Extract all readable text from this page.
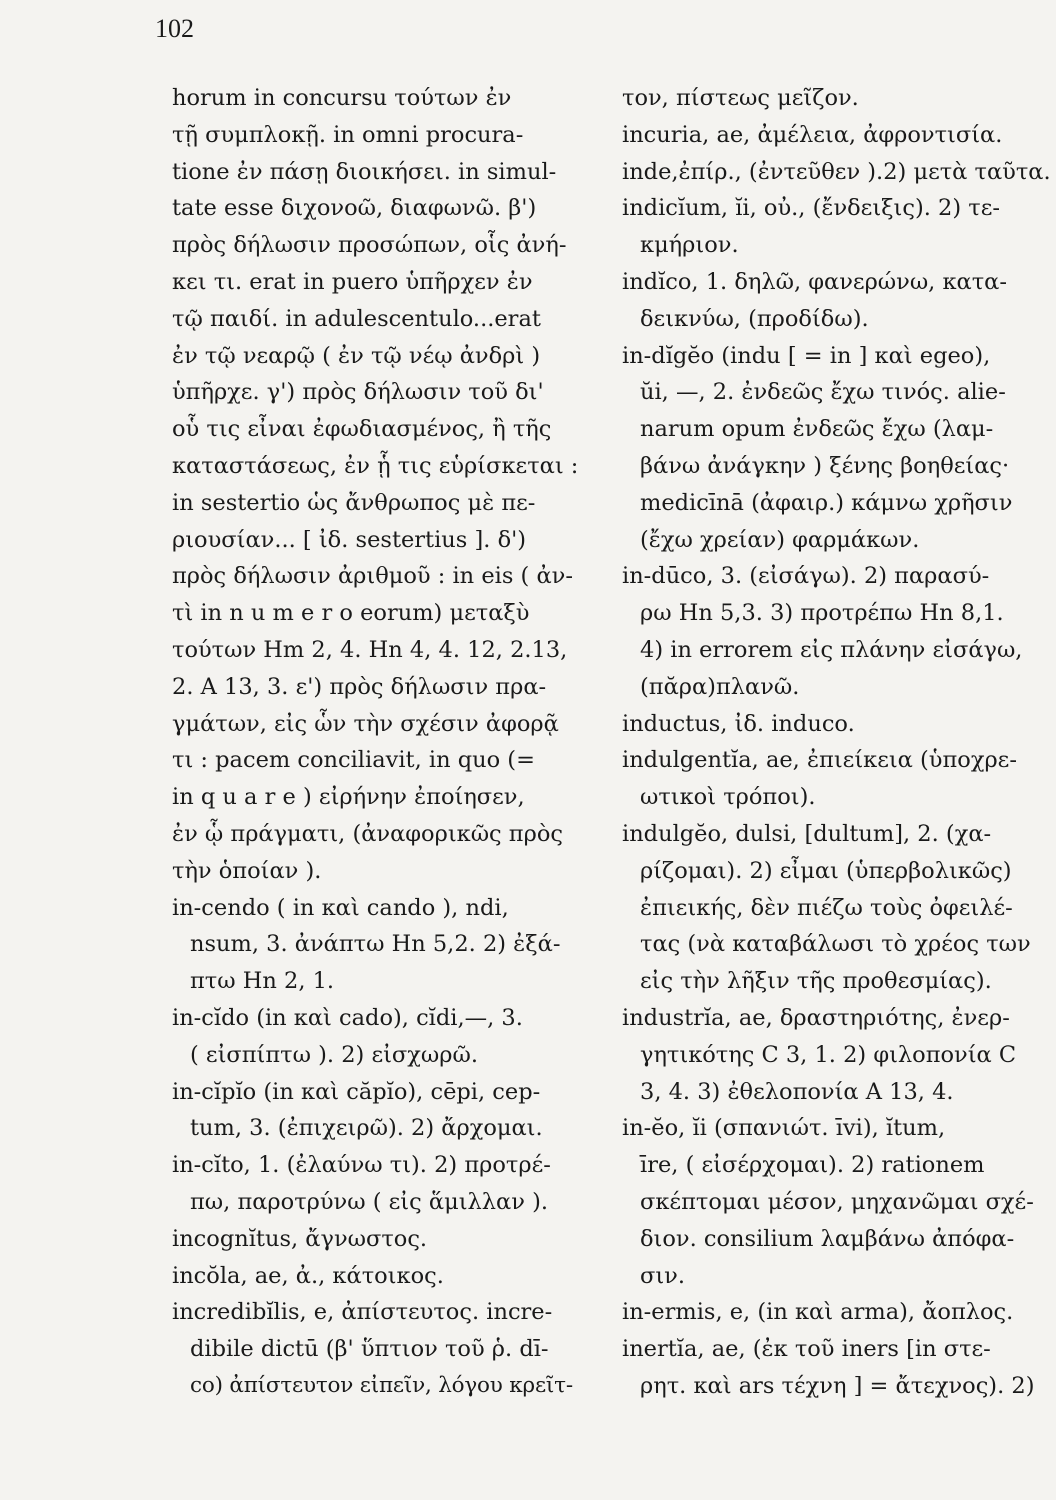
102
horum in concursu τούτων ἐν
τῇ συμπλοκῇ. in omni procura-
tione ἐν πάσῃ διοικήσει. in simul-
tate esse διχονοῶ, διαφωνῶ. β')
πρὸς δήλωσιν προσώπων, οἷς ἀνή-
κει τι. erat in puero ὑπῆρχεν ἐν
τῷ παιδί. in adulescentulo...erat
ἐν τῷ νεαρῷ ( ἐν τῷ νέῳ ἀνδρὶ )
ὑπῆρχε. γ') πρὸς δήλωσιν τοῦ δι'
οὗ τις εἶναι ἐφωδιασμένος, ἢ τῆς
καταστάσεως, ἐν ᾗ τις εὑρίσκεται :
in sestertio ὡς ἄνθρωπος μὲ πε-
ριουσίαν... [ ἰδ. sestertius ]. δ')
πρὸς δήλωσιν ἀριθμοῦ : in eis ( ἀν-
τὶ in n u m e r o eorum) μεταξὺ
τούτων Hm 2, 4. Hn 4, 4. 12, 2.13,
2. A 13, 3. ε') πρὸς δήλωσιν πρα-
γμάτων, εἰς ὧν τὴν σχέσιν ἀφορᾷ
τι : pacem conciliavit, in quo (=
in q u a r e ) εἰρήνην ἐποίησεν,
ἐν ᾧ πράγματι, (ἀναφορικῶς πρὸς
τὴν ὁποίαν ).
in-cendo ( in καὶ cando ), ndi,
nsum, 3. ἀνάπτω Hn 5,2. 2) ἐξά-
πτω Hn 2, 1.
in-cĭdo (in καὶ cado), cĭdi,—, 3.
( εἰσπίπτω ). 2) εἰσχωρῶ.
in-cĭpĭo (in καὶ căpĭo), cēpi, cep-
tum, 3. (ἐπιχειρῶ). 2) ἄρχομαι.
in-cĭto, 1. (ἐλαύνω τι). 2) προτρέ-
πω, παροτρύνω ( εἰς ἅμιλλαν ).
incognĭtus, ἄγνωστος.
incŏla, ae, ἀ., κάτοικος.
incredibĭlis, e, ἀπίστευτος. incre-
dibile dictū (β' ὕπτιον τοῦ ῥ. dī-
co) ἀπίστευτον εἰπεῖν, λόγου κρεῖτ-
τον, πίστεως μεῖζον.
incuria, ae, ἀμέλεια, ἀφροντισία.
inde,ἐπίρ., (ἐντεῦθεν ).2) μετὰ ταῦτα.
indicĭum, ĭi, οὐ., (ἔνδειξις). 2) τε-
κμήριον.
indĭco, 1. δηλῶ, φανερώνω, κατα-
δεικνύω, (προδίδω).
in-dĭgĕo (indu [ = in ] καὶ egeo),
ŭi, —, 2. ἐνδεῶς ἔχω τινός. alie-
narum opum ἐνδεῶς ἔχω (λαμ-
βάνω ἀνάγκην ) ξένης βοηθείας·
medicīnā (ἀφαιρ.) κάμνω χρῆσιν
(ἔχω χρείαν) φαρμάκων.
in-dūco, 3. (εἰσάγω). 2) παρασύ-
ρω Hn 5,3. 3) προτρέπω Hn 8,1.
4) in errorem εἰς πλάνην εἰσάγω,
(πᾰρα)πλανῶ.
inductus, ἰδ. induco.
indulgentĭa, ae, ἐπιείκεια (ὑποχρε-
ωτικοὶ τρόποι).
indulgĕo, dulsi, [dultum], 2. (χα-
ρίζομαι). 2) εἶμαι (ὑπερβολικῶς)
ἐπιεικής, δὲν πιέζω τοὺς ὀφειλέ-
τας (νὰ καταβάλωσι τὸ χρέος των
εἰς τὴν λῆξιν τῆς προθεσμίας).
industrĭa, ae, δραστηριότης, ἐνερ-
γητικότης C 3, 1. 2) φιλοπονία C
3, 4. 3) ἐθελοπονία A 13, 4.
in-ĕo, ĭi (σπανιώτ. īvi), ĭtum,
īre, ( εἰσέρχομαι). 2) rationem
σκέπτομαι μέσον, μηχανῶμαι σχέ-
διον. consilium λαμβάνω ἀπόφα-
σιν.
in-ermis, e, (in καὶ arma), ἄοπλος.
inertĭa, ae, (ἐκ τοῦ iners [in στε-
ρητ. καὶ ars τέχνη ] = ἄτεχνος). 2)
